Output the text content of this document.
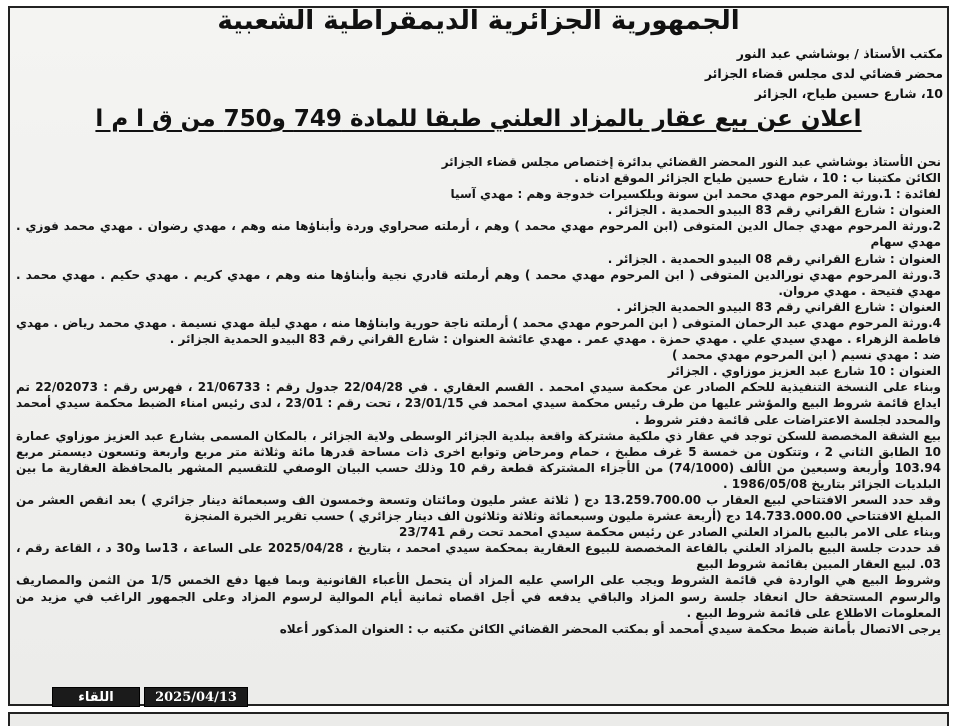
الجمهورية الجزائرية الديمقراطية الشعبية
مكتب الأستاذ / بوشاشي عبد النور
محضر قضائي لدى مجلس قضاء الجزائر
10، شارع حسين طياح، الجزائر
اعلان عن بيع عقار بالمزاد العلني طبقا للمادة 749 و750 من ق ا م ا

نحن الأستاذ بوشاشي عبد النور المحضر القضائي بدائرة إختصاص مجلس قضاء الجزائر

الكائن مكتبنا ب : 10 ، شارع حسين طياح الجزائر الموقع ادناه .

لفائدة : 1.ورثة المرحوم مهدي محمد ابن سونة وبلكسيرات خدوجة وهم : مهدي آسيا

العنوان : شارع القراني رقم 83 البيدو الحمدية . الجزائر .

2.ورثة المرحوم مهدي جمال الدين المتوفى (ابن المرحوم مهدي محمد ) وهم ، أرملته صحراوي وردة وأبناؤها منه وهم ، مهدي رضوان . مهدي محمد فوزي . مهدي سهام

العنوان : شارع القراني رقم 08 البيدو الحمدية . الجزائر .

3.ورثة المرحوم مهدي نورالدين المتوفى ( ابن المرحوم مهدي محمد ) وهم أرملته قادري نجية وأبناؤها منه وهم ، مهدي كريم . مهدي حكيم . مهدي محمد . مهدي فتيحة . مهدي مروان.

العنوان : شارع القراني رقم 83 البيدو الحمدية الجزائر .

4.ورثة المرحوم مهدي عبد الرحمان المتوفى ( ابن المرحوم مهدي محمد ) أرملته ناجة حورية وابناؤها منه ، مهدي ليلة مهدي نسيمة . مهدي محمد رياض . مهدي فاطمة الزهراء . مهدي سيدي علي . مهدي حمزة . مهدي عمر . مهدي عائشة العنوان : شارع القراني رقم 83 البيدو الحمدية الجزائر .

ضد : مهدي نسيم ( ابن المرحوم مهدي محمد )

العنوان : 10 شارع عبد العزيز موزاوي . الجزائر

وبناء على النسخة التنفيذية للحكم الصادر عن محكمة سيدي امحمد . القسم العقاري . في 22/04/28 جدول رقم : 21/06733 ، فهرس رقم : 22/02073 تم ايداع قائمة شروط البيع والمؤشر عليها من طرف رئيس محكمة سيدي امحمد في 23/01/15 ، تحت رقم : 23/01 ، لدى رئيس امناء الضبط محكمة سيدي أمحمد والمحدد لجلسة الاعتراضات على قائمة دفتر شروط .

بيع الشقة المخصصة للسكن توجد في عقار ذي ملكية مشتركة واقعة ببلدية الجزائر الوسطى ولاية الجزائر ، بالمكان المسمى بشارع عبد العزيز موزاوي عمارة 10 الطابق الثاني 2 ، وتتكون من خمسة 5 غرف مطبخ ، حمام ومرحاض وتوابع اخرى ذات مساحة قدرها مائة وثلاثة متر مربع واربعة وتسعون ديسمتر مربع 103.94 وأربعة وسبعين من الألف (74/1000) من الأجزاء المشتركة قطعة رقم 10 وذلك حسب البيان الوصفي للتقسيم المشهر بالمحافظة العقارية ما بين البلديات الجزائر بتاريخ 1986/05/08 .

وقد حدد السعر الافتتاحي لبيع العقار ب 13.259.700.00 دج ( ثلاثة عشر مليون ومائتان وتسعة وخمسون الف وسبعمائة دينار جزائري ) بعد انقص العشر من المبلغ الافتتاحي 14.733.000.00 دج (أربعة عشرة مليون وسبعمائة وثلاثة وثلاثون الف دينار جزائري ) حسب تقرير الخبرة المنجزة

وبناء على الامر بالبيع بالمزاد العلني الصادر عن رئيس محكمة سيدي امحمد تحت رقم 23/741

قد حددت جلسة البيع بالمزاد العلني بالقاعة المخصصة للبيوع العقارية بمحكمة سيدي امحمد ، بتاريخ ، 2025/04/28 على الساعة ، 13سا و30 د ، القاعة رقم ، 03. لبيع العقار المبين بقائمة شروط البيع

وشروط البيع هي الواردة في قائمة الشروط ويجب على الراسي عليه المزاد أن يتحمل الأعباء القانونية وبما فيها دفع الخمس 1/5 من الثمن والمصاريف والرسوم المستحقة حال انعقاد جلسة رسو المزاد والباقي يدفعه في أجل اقصاه ثمانية أيام الموالية لرسوم المزاد وعلى الجمهور الراغب في مزيد من المعلومات الاطلاع على قائمة شروط البيع .

يرجى الاتصال بأمانة ضبط محكمة سيدي أمحمد أو بمكتب المحضر القضائي الكائن مكتبه ب : العنوان المذكور أعلاه

اللقاء	2025/04/13
